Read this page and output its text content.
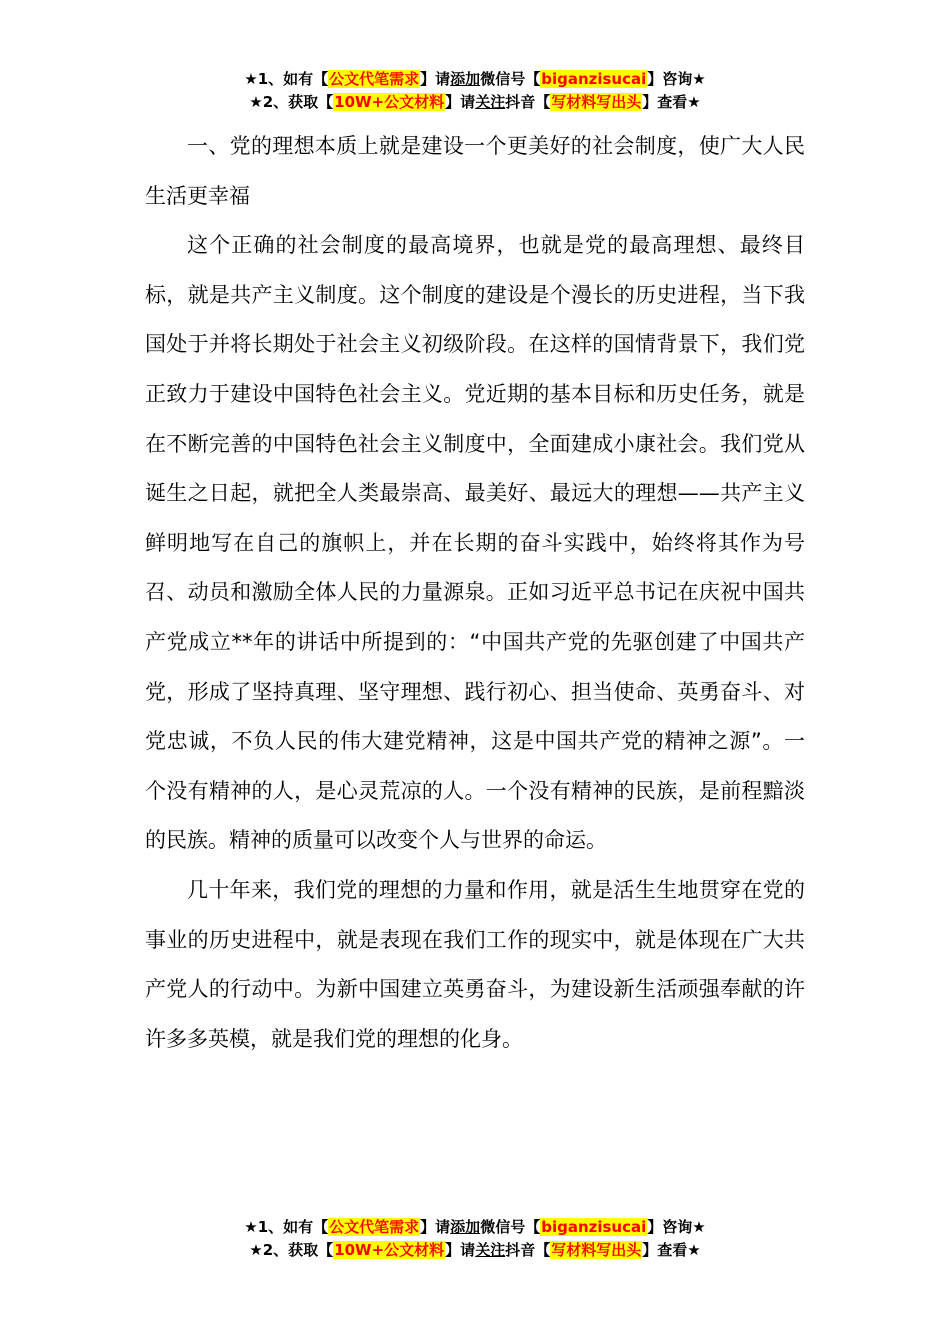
★1、如有【公文代笔需求】请添加微信号【biganzisucai】咨询★
★2、获取【10W+公文材料】请关注抖音【写材料写出头】查看★

一、党的理想本质上就是建设一个更美好的社会制度，使广大人民生活更幸福

这个正确的社会制度的最高境界，也就是党的最高理想、最终目标，就是共产主义制度。这个制度的建设是个漫长的历史进程，当下我国处于并将长期处于社会主义初级阶段。在这样的国情背景下，我们党正致力于建设中国特色社会主义。党近期的基本目标和历史任务，就是在不断完善的中国特色社会主义制度中，全面建成小康社会。我们党从诞生之日起，就把全人类最崇高、最美好、最远大的理想——共产主义鲜明地写在自己的旗帜上，并在长期的奋斗实践中，始终将其作为号召、动员和激励全体人民的力量源泉。正如习近平总书记在庆祝中国共产党成立**年的讲话中所提到的：“中国共产党的先驱创建了中国共产党，形成了坚持真理、坚守理想、践行初心、担当使命、英勇奋斗、对党忠诚，不负人民的伟大建党精神，这是中国共产党的精神之源”。一个没有精神的人，是心灵荒凉的人。一个没有精神的民族，是前程黯淡的民族。精神的质量可以改变个人与世界的命运。

几十年来，我们党的理想的力量和作用，就是活生生地贯穿在党的事业的历史进程中，就是表现在我们工作的现实中，就是体现在广大共产党人的行动中。为新中国建立英勇奋斗，为建设新生活顽强奉献的许许多多英模，就是我们党的理想的化身。

★1、如有【公文代笔需求】请添加微信号【biganzisucai】咨询★
★2、获取【10W+公文材料】请关注抖音【写材料写出头】查看★
